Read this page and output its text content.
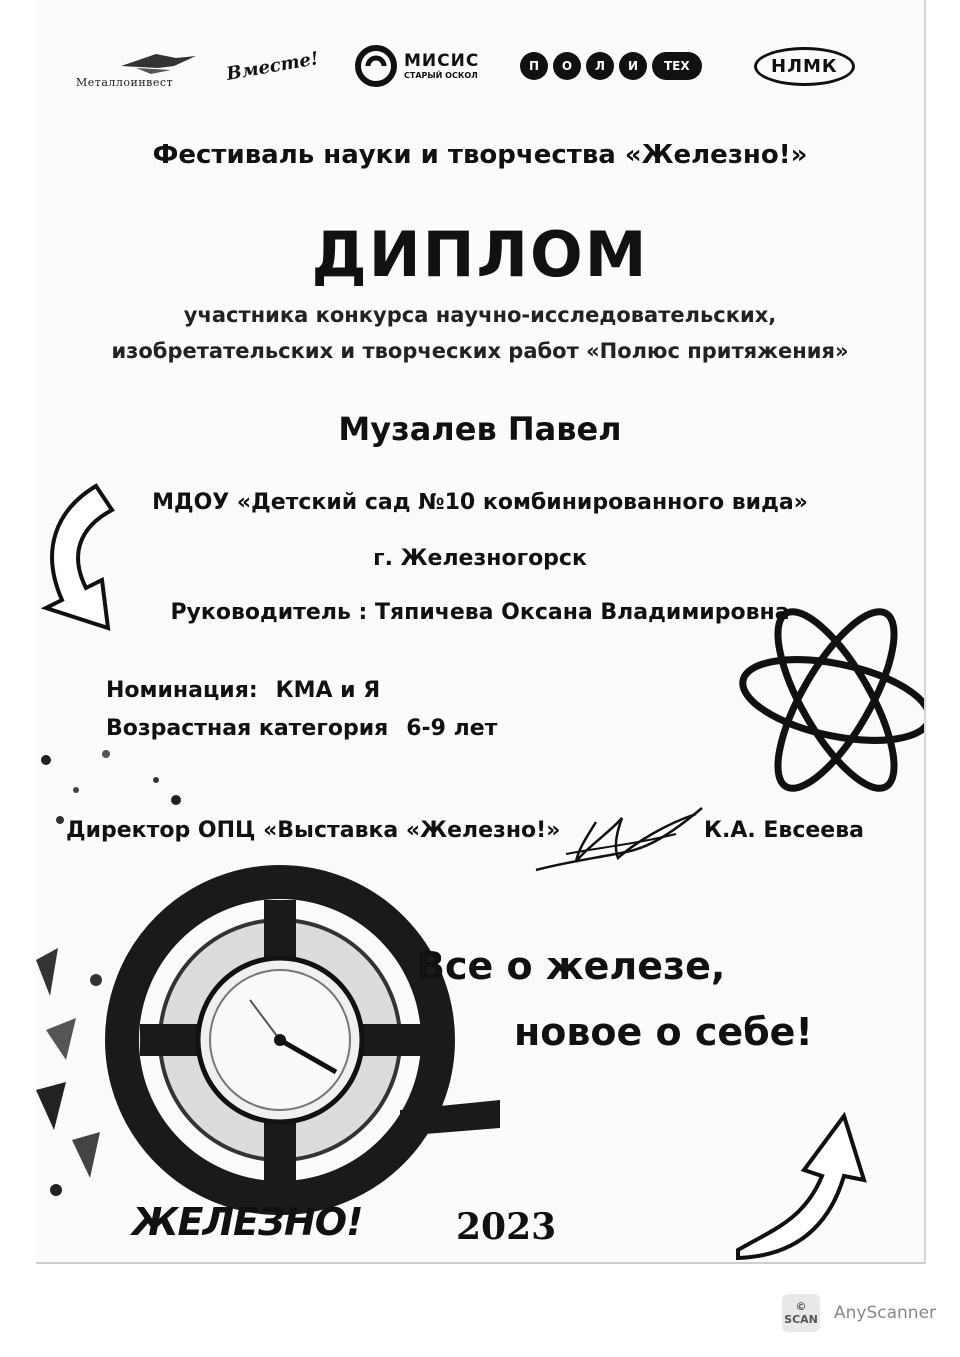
Металлоинвест	Вместе!	МИСИС
СТАРЫЙ ОСКОЛ
П	О	Л	И	ТЕХ	НЛМК
Фестиваль науки и творчества «Железно!»
ДИПЛОМ
участника конкурса научно-исследовательских,
изобретательских и творческих работ «Полюс притяжения»
Музалев Павел
МДОУ «Детский сад №10 комбинированного вида»
г. Железногорск
Руководитель : Тяпичева Оксана Владимировна
Номинация: КМА и Я
Возрастная категория 6-9 лет
Директор ОПЦ «Выставка «Железно!»	К.А. Евсеева
Все о железе,
новое о себе!
ЖЕЛЕЗНО!	2023
©
SCAN AnyScanner
